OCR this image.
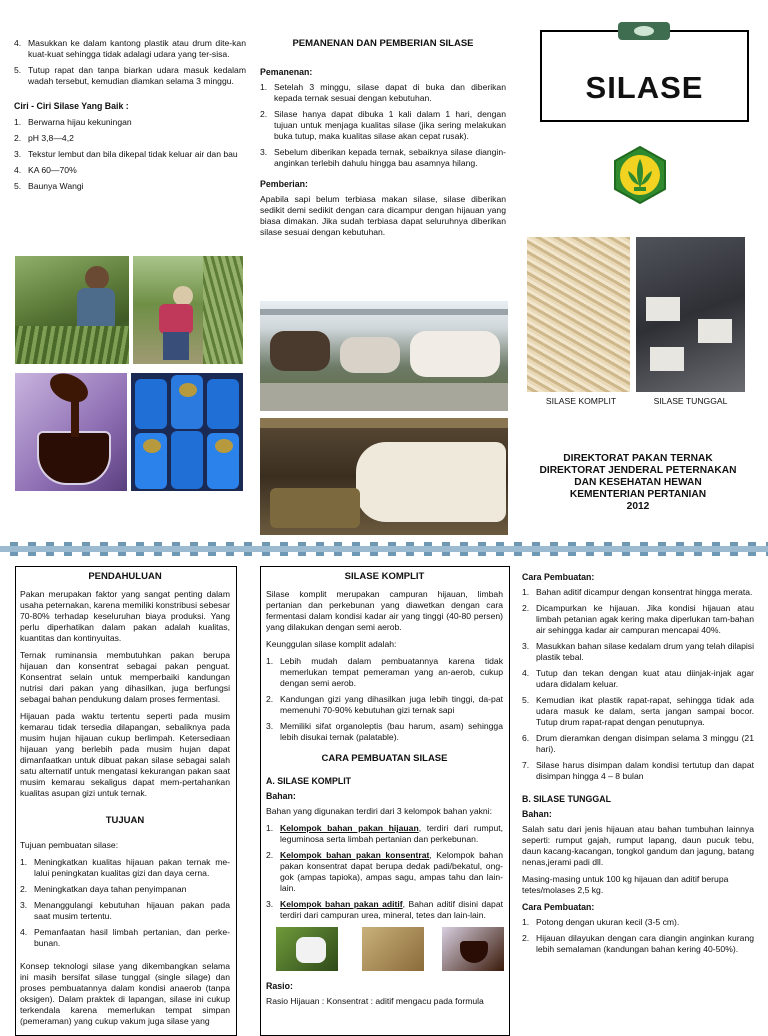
4. Masukkan ke dalam kantong plastik atau drum dite-kan kuat-kuat sehingga tidak adalagi udara yang ter-sisa.
5. Tutup rapat dan tanpa biarkan udara masuk kedalam wadah tersebut, kemudian diamkan selama 3 minggu.
Ciri - Ciri Silase Yang Baik :
1. Berwarna hijau kekuningan
2. pH 3,8—4,2
3. Tekstur lembut dan bila dikepal tidak keluar air dan bau
4. KA 60—70%
5. Baunya Wangi
PEMANENAN DAN PEMBERIAN SILASE
Pemanenan:
1. Setelah 3 minggu, silase dapat di buka dan diberikan kepada ternak sesuai dengan kebutuhan.
2. Silase hanya dapat dibuka 1 kali dalam 1 hari, dengan tujuan untuk menjaga kualitas silase (jika sering melakukan buka tutup, maka kualitas silase akan cepat rusak).
3. Sebelum diberikan kepada ternak, sebaiknya silase diangin-anginkan terlebih dahulu hingga bau asamnya hilang.
Pemberian:

Apabila sapi belum terbiasa makan silase, silase diberikan sedikit demi sedikit dengan cara dicampur dengan hijauan yang biasa dimakan. Jika sudah terbiasa dapat seluruhnya diberikan silase sesuai dengan kebutuhan.

SILASE
SILASE KOMPLIT	SILASE TUNGGAL
DIREKTORAT PAKAN TERNAK
DIREKTORAT JENDERAL PETERNAKAN
DAN KESEHATAN HEWAN
KEMENTERIAN PERTANIAN
2012
PENDAHULUAN

Pakan merupakan faktor yang sangat penting dalam usaha peternakan, karena memiliki konstribusi sebesar 70-80% terhadap keseluruhan biaya produksi. Yang perlu diperhatikan dalam pakan adalah kualitas, kuantitas dan kontinyuitas.

Ternak ruminansia membutuhkan pakan berupa hijauan dan konsentrat sebagai pakan penguat. Konsentrat selain untuk memperbaiki kandungan nutrisi dari pakan yang dihasilkan, juga berfungsi sebagai bahan pendukung dalam proses fermentasi.

Hijauan pada waktu tertentu seperti pada musim kemarau tidak tersedia dilapangan, sebaliknya pada musim hujan hijauan cukup berlimpah. Ketersediaan hijauan yang berlebih pada musim hujan dapat dimanfaatkan untuk dibuat pakan silase sebagai salah satu alternatif untuk mengatasi kekurangan pakan saat musim kemarau sekaligus dapat mem-pertahankan kualitas asupan gizi untuk ternak.

TUJUAN

Tujuan pembuatan silase:

1. Meningkatkan kualitas hijauan pakan ternak me-lalui peningkatan kualitas gizi dan daya cerna.
2. Meningkatkan daya tahan penyimpanan
3. Menanggulangi kebutuhan hijauan pakan pada saat musim tertentu.
4. Pemanfaatan hasil limbah pertanian, dan perke-bunan.

Konsep teknologi silase yang dikembangkan selama ini masih bersifat silase tunggal (single silage) dan proses pembuatannya dalam kondisi anaerob (tanpa oksigen). Dalam praktek di lapangan, silase ini cukup terkendala karena memerlukan tempat simpan (pemeraman) yang cukup vakum juga silase yang

SILASE KOMPLIT

Silase komplit merupakan campuran hijauan, limbah pertanian dan perkebunan yang diawetkan dengan cara fermentasi dalam kondisi kadar air yang tinggi (40-80 persen) yang dilakukan dengan semi aerob.

Keunggulan silase komplit adalah:

1. Lebih mudah dalam pembuatannya karena tidak memerlukan tempat pemeraman yang an-aerob, cukup dengan semi aerob.
2. Kandungan gizi yang dihasilkan juga lebih tinggi, da-pat memenuhi 70-90% kebutuhan gizi ternak sapi
3. Memiliki sifat organoleptis (bau harum, asam) sehingga lebih disukai ternak (palatable).
CARA PEMBUATAN SILASE
A. SILASE KOMPLIT
Bahan:

Bahan yang digunakan terdiri dari 3 kelompok bahan yakni:

1. Kelompok bahan pakan hijauan, terdiri dari rumput, leguminosa serta limbah pertanian dan perkebunan.
2. Kelompok bahan pakan konsentrat, Kelompok bahan pakan konsentrat dapat berupa dedak padi/bekatul, ong-gok (ampas tapioka), ampas sagu, ampas tahu dan lain-lain.
3. Kelompok bahan pakan aditif, Bahan aditif disini dapat terdiri dari campuran urea, mineral, tetes dan lain-lain.
Rasio:

Rasio Hijauan : Konsentrat : aditif mengacu pada formula

Cara Pembuatan:
1. Bahan aditif dicampur dengan konsentrat hingga merata.
2. Dicampurkan ke hijauan. Jika kondisi hijauan atau limbah petanian agak kering maka diperlukan tam-bahan air sehingga kadar air campuran mencapai 40%.
3. Masukkan bahan silase kedalam drum yang telah dilapisi plastik tebal.
4. Tutup dan tekan dengan kuat atau diinjak-injak agar udara didalam keluar.
5. Kemudian ikat plastik rapat-rapat, sehingga tidak ada udara masuk ke dalam, serta jangan sampai bocor. Tutup drum rapat-rapat dengan penutupnya.
6. Drum dieramkan dengan disimpan selama 3 minggu (21 hari).
7. Silase harus disimpan dalam kondisi tertutup dan dapat disimpan hingga 4 – 8 bulan
B. SILASE TUNGGAL
Bahan:

Salah satu dari jenis hijauan atau bahan tumbuhan lainnya seperti: rumput gajah, rumput lapang, daun pucuk tebu, daun kacang-kacangan, tongkol gandum dan jagung, batang nenas,jerami padi dll.

Masing-masing untuk 100 kg hijauan dan aditif berupa tetes/molases 2,5 kg.

Cara Pembuatan:
1. Potong dengan ukuran kecil (3-5 cm).
2. Hijauan dilayukan dengan cara diangin anginkan kurang lebih semalaman (kandungan bahan kering 40-50%).
